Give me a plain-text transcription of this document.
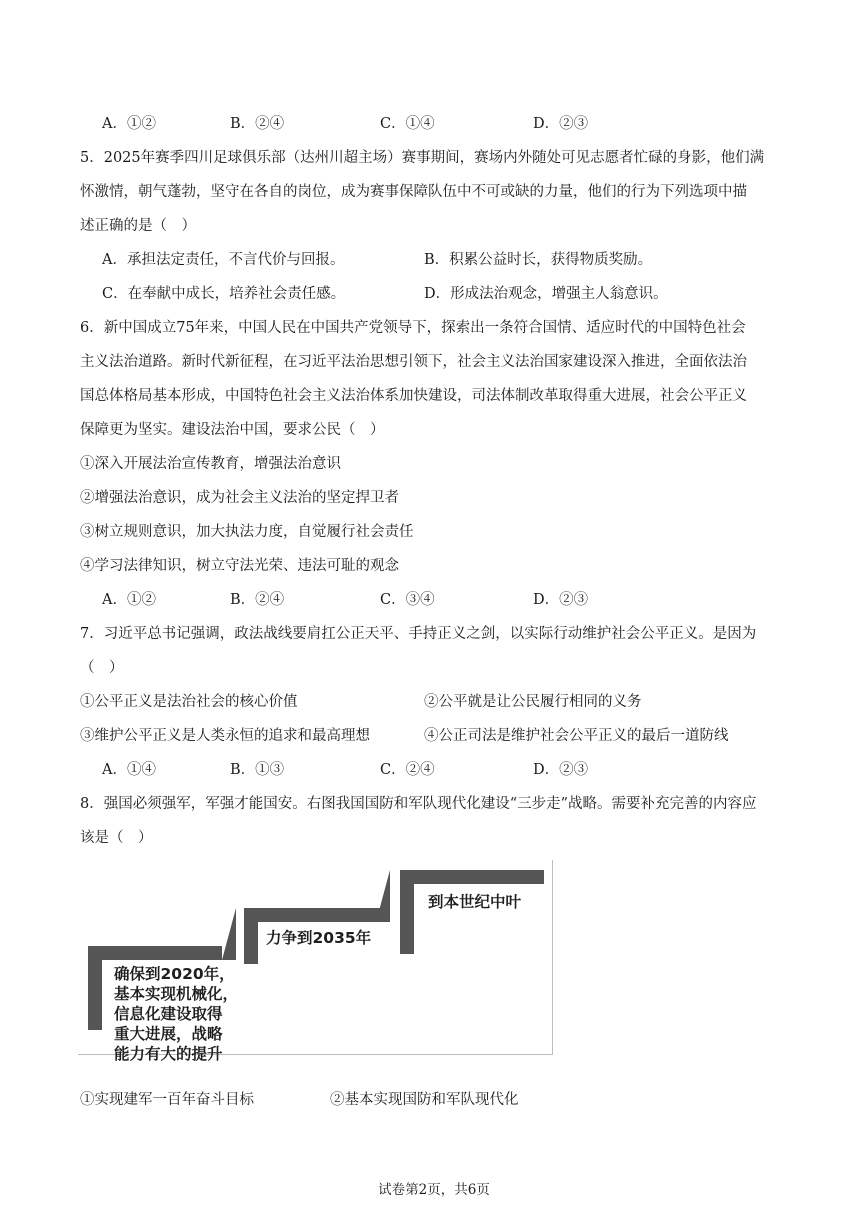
A．①②	B．②④	C．①④	D．②③
5．2025年赛季四川足球俱乐部（达州川超主场）赛事期间，赛场内外随处可见志愿者忙碌的身影，他们满
怀激情，朝气蓬勃，坚守在各自的岗位，成为赛事保障队伍中不可或缺的力量，他们的行为下列选项中描
述正确的是（　）
A．承担法定责任，不言代价与回报。	B．积累公益时长，获得物质奖励。
C．在奉献中成长，培养社会责任感。	D．形成法治观念，增强主人翁意识。
6．新中国成立75年来，中国人民在中国共产党领导下，探索出一条符合国情、适应时代的中国特色社会
主义法治道路。新时代新征程，在习近平法治思想引领下，社会主义法治国家建设深入推进，全面依法治
国总体格局基本形成，中国特色社会主义法治体系加快建设，司法体制改革取得重大进展，社会公平正义
保障更为坚实。建设法治中国，要求公民（　）
①深入开展法治宣传教育，增强法治意识
②增强法治意识，成为社会主义法治的坚定捍卫者
③树立规则意识，加大执法力度，自觉履行社会责任
④学习法律知识，树立守法光荣、违法可耻的观念
A．①②	B．②④	C．③④	D．②③
7．习近平总书记强调，政法战线要肩扛公正天平、手持正义之剑，以实际行动维护社会公平正义。是因为
（　）
①公平正义是法治社会的核心价值	②公平就是让公民履行相同的义务
③维护公平正义是人类永恒的追求和最高理想	④公正司法是维护社会公平正义的最后一道防线
A．①④	B．①③	C．②④	D．②③
8．强国必须强军，军强才能国安。右图我国国防和军队现代化建设“三步走”战略。需要补充完善的内容应
该是（　）
确保到2020年，
基本实现机械化，
信息化建设取得
重大进展，战略
能力有大的提升
力争到2035年
到本世纪中叶
①实现建军一百年奋斗目标	②基本实现国防和军队现代化
试卷第2页，共6页
